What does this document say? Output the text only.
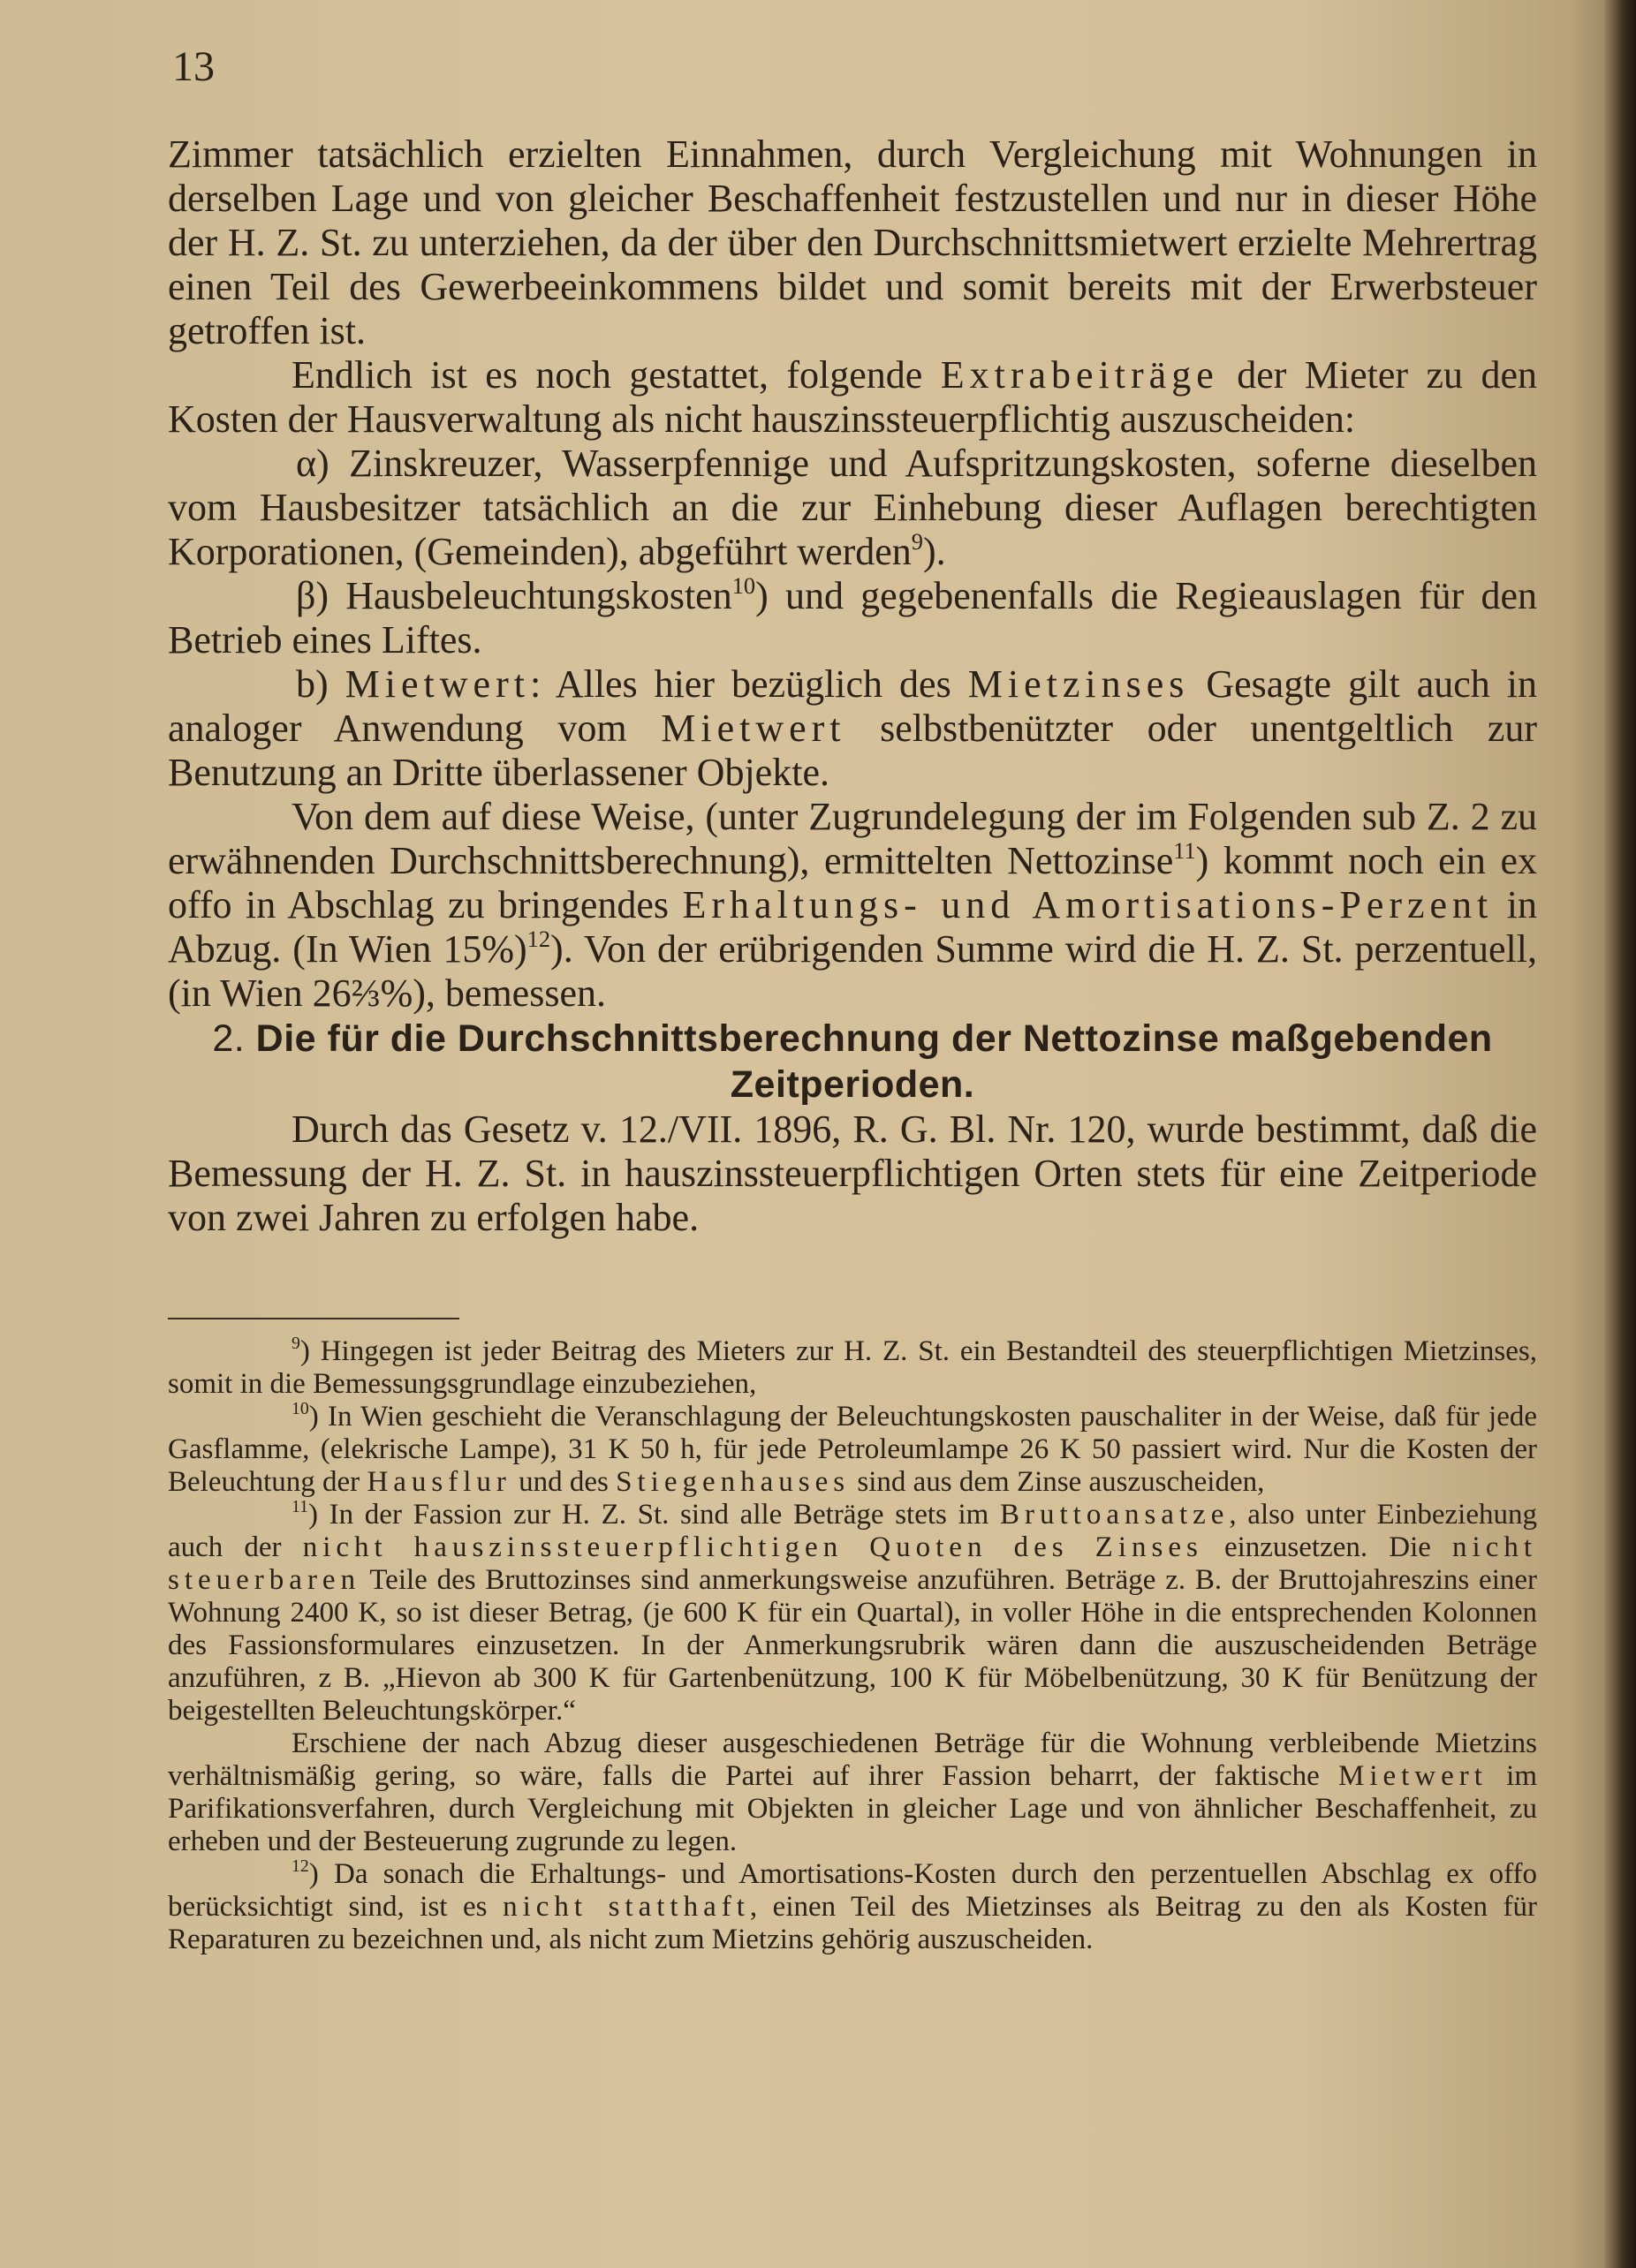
13

Zimmer tatsächlich erzielten Einnahmen, durch Vergleichung mit Wohnungen in derselben Lage und von gleicher Beschaffenheit festzustellen und nur in dieser Höhe der H. Z. St. zu unterziehen, da der über den Durchschnittsmietwert erzielte Mehrertrag einen Teil des Gewerbeeinkommens bildet und somit bereits mit der Erwerbsteuer getroffen ist.

Endlich ist es noch gestattet, folgende Extrabeiträge der Mieter zu den Kosten der Hausverwaltung als nicht hauszinssteuerpflichtig auszuscheiden:

α) Zinskreuzer, Wasserpfennige und Aufspritzungskosten, soferne dieselben vom Hausbesitzer tatsächlich an die zur Einhebung dieser Auflagen berechtigten Korporationen, (Gemeinden), abgeführt werden$^9$).

β) Hausbeleuchtungskosten$^{10}$) und gegebenenfalls die Regieauslagen für den Betrieb eines Liftes.

b) Mietwert: Alles hier bezüglich des Mietzinses Gesagte gilt auch in analoger Anwendung vom Mietwert selbstbenützter oder unentgeltlich zur Benutzung an Dritte überlassener Objekte.

Von dem auf diese Weise, (unter Zugrundelegung der im Folgenden sub Z. 2 zu erwähnenden Durchschnittsberechnung), ermittelten Nettozinse$^{11}$) kommt noch ein ex offo in Abschlag zu bringendes Erhaltungs- und Amortisations-Perzent in Abzug. (In Wien 15%)$^{12}$). Von der erübrigenden Summe wird die H. Z. St. perzentuell, (in Wien 26⅔%), bemessen.

2. Die für die Durchschnittsberechnung der Nettozinse maßgebenden Zeitperioden.

Durch das Gesetz v. 12./VII. 1896, R. G. Bl. Nr. 120, wurde bestimmt, daß die Bemessung der H. Z. St. in hauszinssteuerpflichtigen Orten stets für eine Zeitperiode von zwei Jahren zu erfolgen habe.

$^9$) Hingegen ist jeder Beitrag des Mieters zur H. Z. St. ein Bestandteil des steuerpflichtigen Mietzinses, somit in die Bemessungsgrundlage einzubeziehen,

$^{10}$) In Wien geschieht die Veranschlagung der Beleuchtungskosten pauschaliter in der Weise, daß für jede Gasflamme, (elekrische Lampe), 31 K 50 h, für jede Petroleumlampe 26 K 50 passiert wird. Nur die Kosten der Beleuchtung der Hausflur und des Stiegenhauses sind aus dem Zinse auszuscheiden,

$^{11}$) In der Fassion zur H. Z. St. sind alle Beträge stets im Bruttoansatze, also unter Einbeziehung auch der nicht hauszinssteuerpflichtigen Quoten des Zinses einzusetzen. Die nicht steuerbaren Teile des Bruttozinses sind anmerkungsweise anzuführen. Beträge z. B. der Bruttojahreszins einer Wohnung 2400 K, so ist dieser Betrag, (je 600 K für ein Quartal), in voller Höhe in die entsprechenden Kolonnen des Fassionsformulares einzusetzen. In der Anmerkungsrubrik wären dann die auszuscheidenden Beträge anzuführen, z B. „Hievon ab 300 K für Gartenbenützung, 100 K für Möbelbenützung, 30 K für Benützung der beigestellten Beleuchtungskörper.“

Erschiene der nach Abzug dieser ausgeschiedenen Beträge für die Wohnung verbleibende Mietzins verhältnismäßig gering, so wäre, falls die Partei auf ihrer Fassion beharrt, der faktische Mietwert im Parifikationsverfahren, durch Vergleichung mit Objekten in gleicher Lage und von ähnlicher Beschaffenheit, zu erheben und der Besteuerung zugrunde zu legen.

$^{12}$) Da sonach die Erhaltungs- und Amortisations-Kosten durch den perzentuellen Abschlag ex offo berücksichtigt sind, ist es nicht statthaft, einen Teil des Mietzinses als Beitrag zu den als Kosten für Reparaturen zu bezeichnen und, als nicht zum Mietzins gehörig auszuscheiden.
